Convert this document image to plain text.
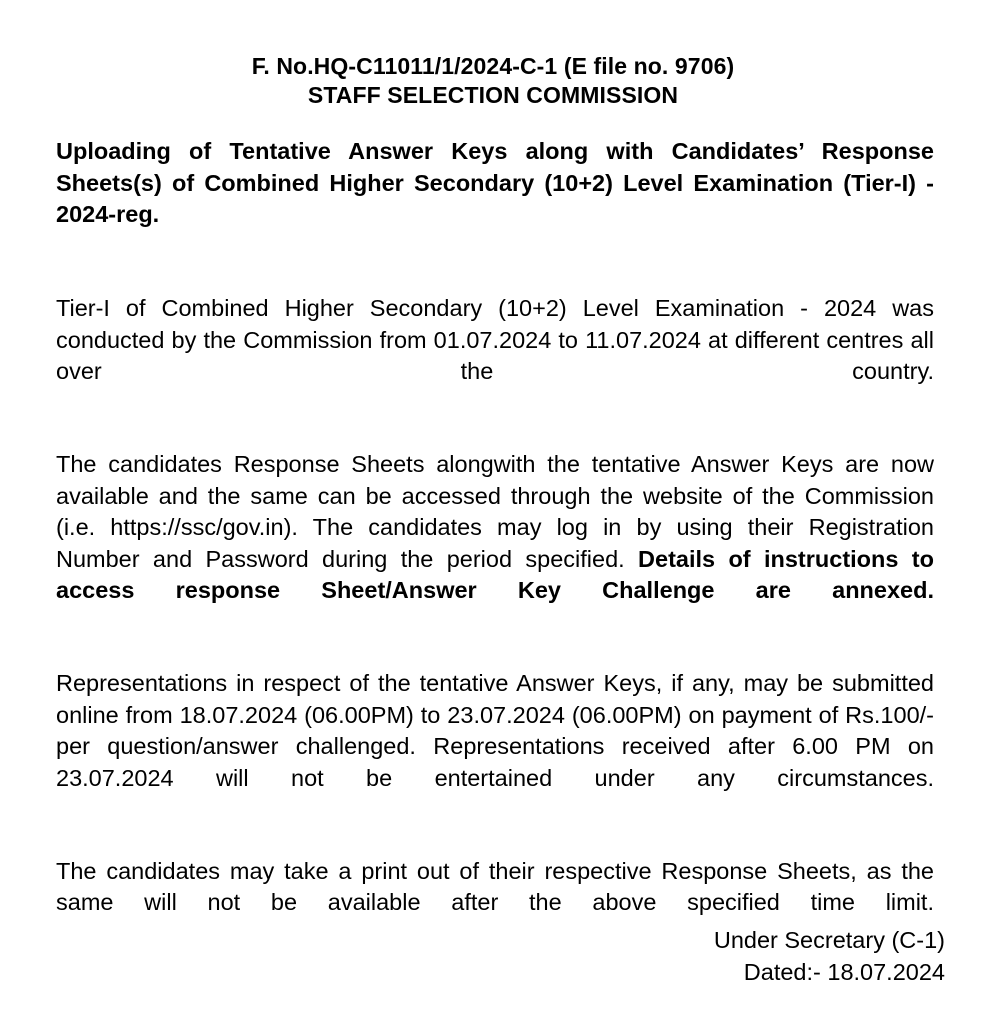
F. No.HQ-C11011/1/2024-C-1 (E file no. 9706)
STAFF SELECTION COMMISSION

Uploading of Tentative Answer Keys along with Candidates’ Response Sheets(s) of Combined Higher Secondary (10+2) Level Examination (Tier-I) - 2024-reg.

Tier-I of Combined Higher Secondary (10+2) Level Examination - 2024 was conducted by the Commission from 01.07.2024 to 11.07.2024 at different centres all over the country.

The candidates Response Sheets alongwith the tentative Answer Keys are now available and the same can be accessed through the website of the Commission (i.e. https://ssc/gov.in). The candidates may log in by using their Registration Number and Password during the period specified. Details of instructions to access response Sheet/Answer Key Challenge are annexed.

Representations in respect of the tentative Answer Keys, if any, may be submitted online from 18.07.2024 (06.00PM) to 23.07.2024 (06.00PM) on payment of Rs.100/- per question/answer challenged. Representations received after 6.00 PM on 23.07.2024 will not be entertained under any circumstances.

The candidates may take a print out of their respective Response Sheets, as the same will not be available after the above specified time limit.

Under Secretary (C-1)
Dated:- 18.07.2024
